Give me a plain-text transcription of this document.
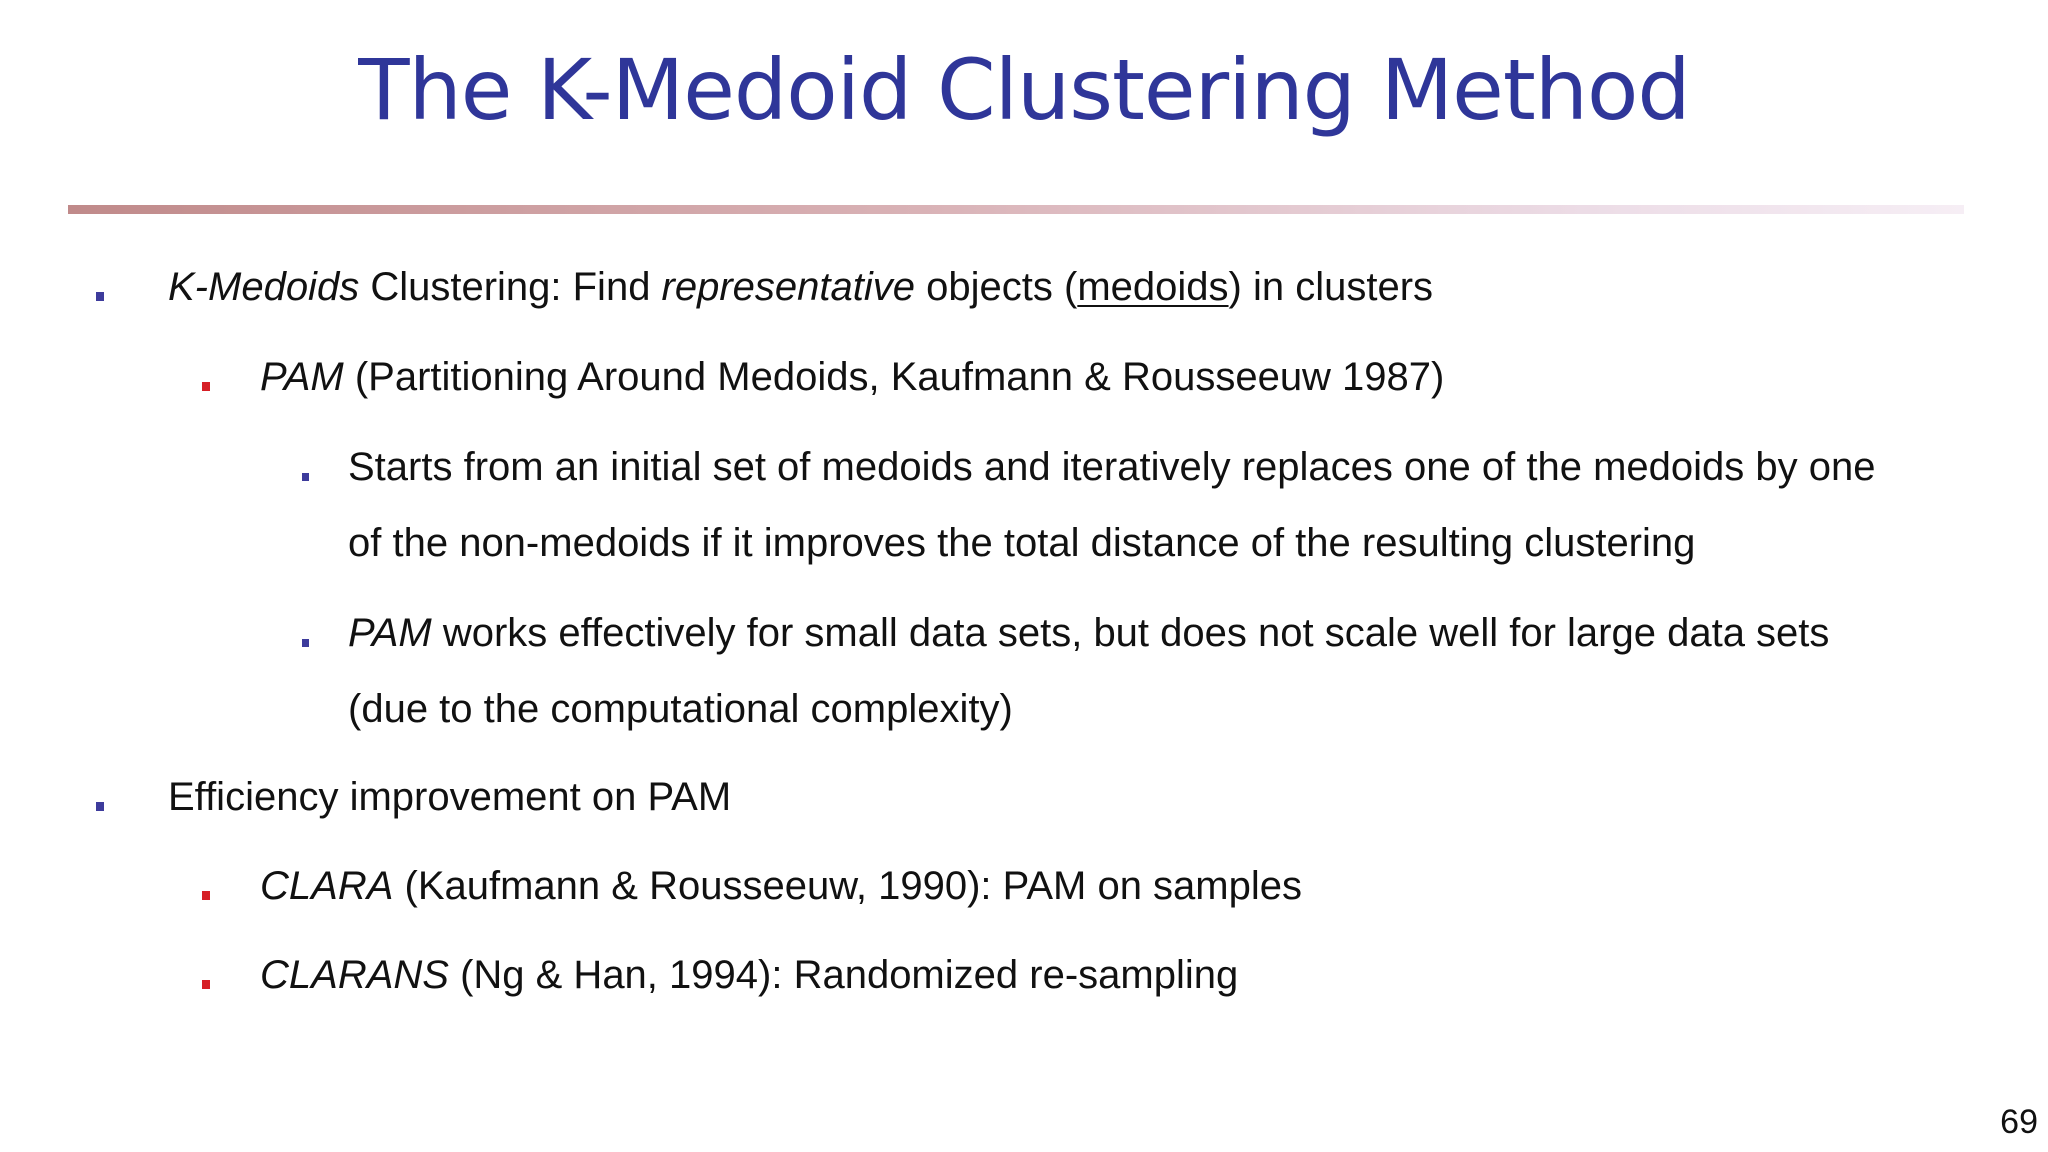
The K-Medoid Clustering Method
K-Medoids Clustering: Find representative objects (medoids) in clusters
PAM (Partitioning Around Medoids, Kaufmann & Rousseeuw 1987)
Starts from an initial set of medoids and iteratively replaces one of the medoids by one
of the non-medoids if it improves the total distance of the resulting clustering
PAM works effectively for small data sets, but does not scale well for large data sets
(due to the computational complexity)
Efficiency improvement on PAM
CLARA (Kaufmann & Rousseeuw, 1990): PAM on samples
CLARANS (Ng & Han, 1994): Randomized re-sampling
69
